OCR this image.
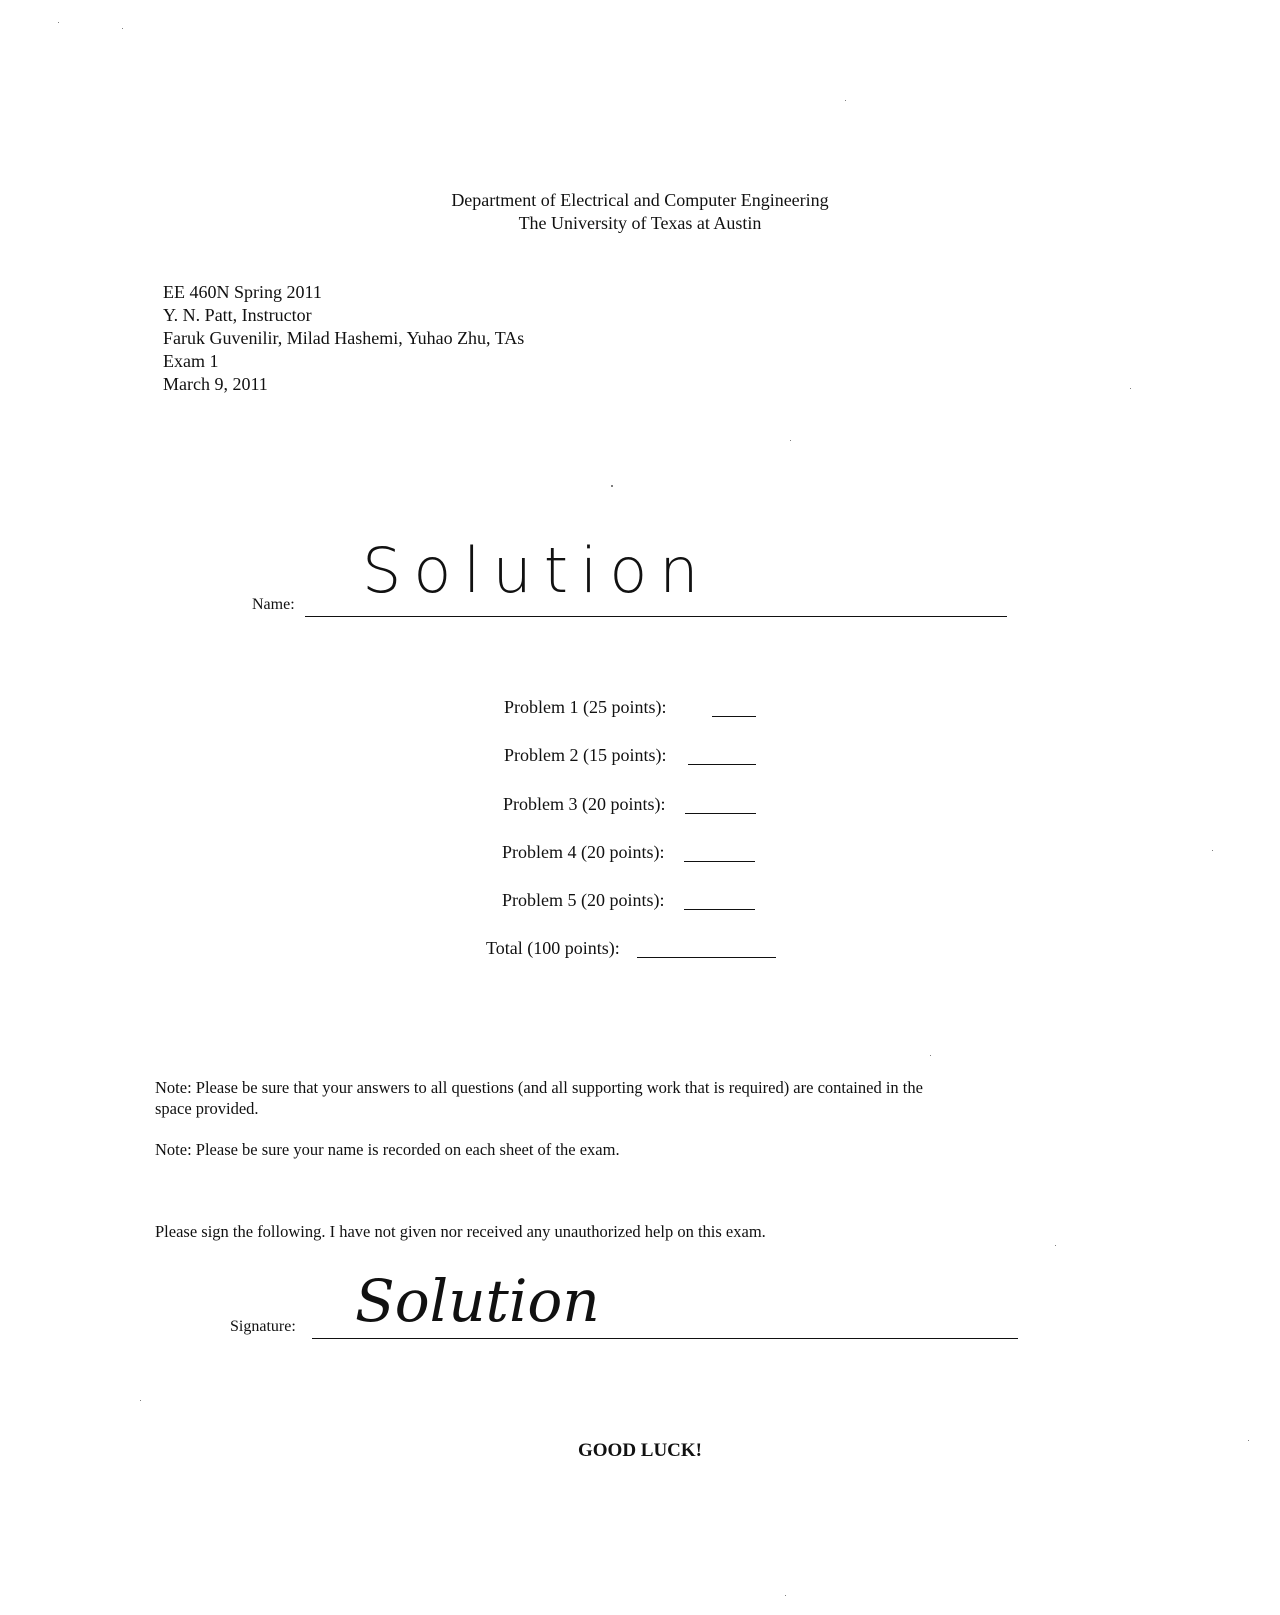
Department of Electrical and Computer Engineering
The University of Texas at Austin
EE 460N Spring 2011
Y. N. Patt, Instructor
Faruk Guvenilir, Milad Hashemi, Yuhao Zhu, TAs
Exam 1
March 9, 2011
Name: Solution
Problem 1 (25 points):
Problem 2 (15 points):
Problem 3 (20 points):
Problem 4 (20 points):
Problem 5 (20 points):
Total (100 points):
Note: Please be sure that your answers to all questions (and all supporting work that is required) are contained in the
space provided.
Note: Please be sure your name is recorded on each sheet of the exam.
Please sign the following. I have not given nor received any unauthorized help on this exam.
Signature: Solution
GOOD LUCK!
